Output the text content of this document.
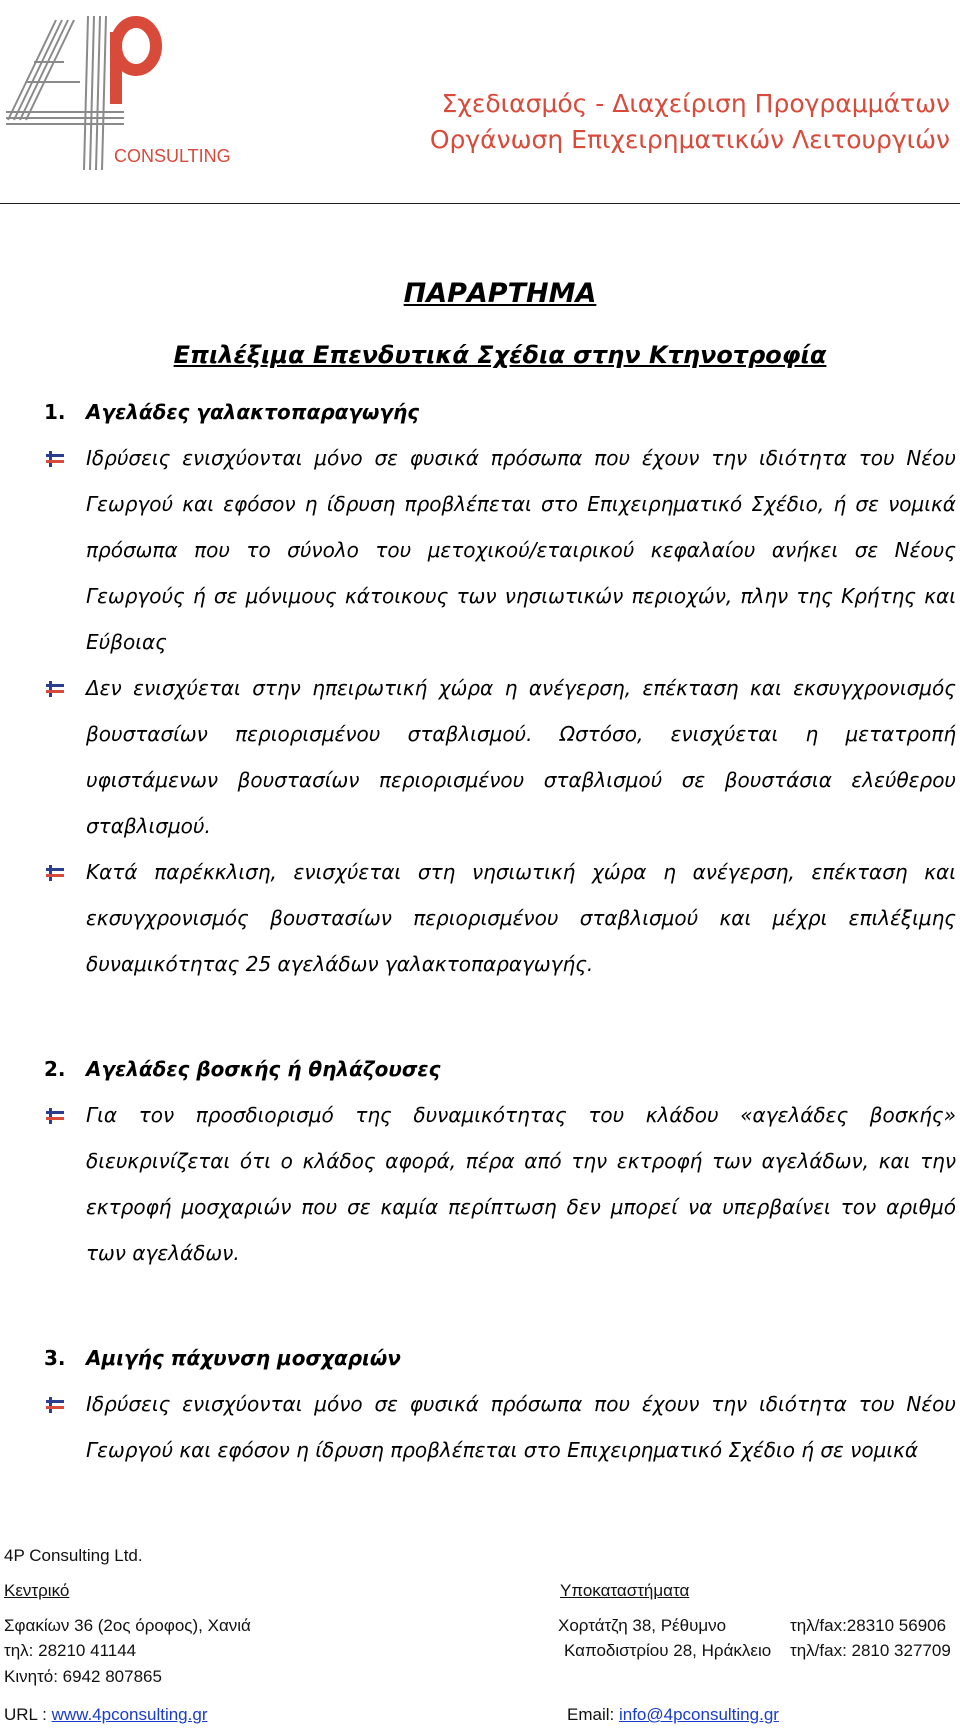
CONSULTING
Σχεδιασμός - Διαχείριση Προγραμμάτων
Οργάνωση Επιχειρηματικών Λειτουργιών
ΠΑΡΑΡΤΗΜΑ
Επιλέξιμα Επενδυτικά Σχέδια στην Κτηνοτροφία
1.	Αγελάδες γαλακτοπαραγωγής
Ιδρύσεις ενισχύονται μόνο σε φυσικά πρόσωπα που έχουν την ιδιότητα του Νέου Γεωργού και εφόσον η ίδρυση προβλέπεται στο Επιχειρηματικό Σχέδιο, ή σε νομικά πρόσωπα που το σύνολο του μετοχικού/εταιρικού κεφαλαίου ανήκει σε Νέους Γεωργούς ή σε μόνιμους κάτοικους των νησιωτικών περιοχών, πλην της Κρήτης και Εύβοιας
Δεν ενισχύεται στην ηπειρωτική χώρα η ανέγερση, επέκταση και εκσυγχρονισμός βουστασίων περιορισμένου σταβλισμού. Ωστόσο, ενισχύεται η μετατροπή υφιστάμενων βουστασίων περιορισμένου σταβλισμού σε βουστάσια ελεύθερου σταβλισμού.
Κατά παρέκκλιση, ενισχύεται στη νησιωτική χώρα η ανέγερση, επέκταση και εκσυγχρονισμός βουστασίων περιορισμένου σταβλισμού και μέχρι επιλέξιμης δυναμικότητας 25 αγελάδων γαλακτοπαραγωγής.
2.	Αγελάδες βοσκής ή θηλάζουσες
Για τον προσδιορισμό της δυναμικότητας του κλάδου «αγελάδες βοσκής» διευκρινίζεται ότι ο κλάδος αφορά, πέρα από την εκτροφή των αγελάδων, και την εκτροφή μοσχαριών που σε καμία περίπτωση δεν μπορεί να υπερβαίνει τον αριθμό των αγελάδων.
3.	Αμιγής πάχυνση μοσχαριών
Ιδρύσεις ενισχύονται μόνο σε φυσικά πρόσωπα που έχουν την ιδιότητα του Νέου Γεωργού και εφόσον η ίδρυση προβλέπεται στο Επιχειρηματικό Σχέδιο ή σε νομικά
4P Consulting Ltd.
Κεντρικό	Υποκαταστήματα
Σφακίων 36 (2ος όροφος), Χανιά
τηλ: 28210 41144
Κινητό: 6942 807865
Χορτάτζη 38, Ρέθυμνο	τηλ/fax:28310 56906
Καποδιστρίου 28, Ηράκλειο τηλ/fax: 2810 327709
URL : www.4pconsulting.gr	Email: info@4pconsulting.gr
